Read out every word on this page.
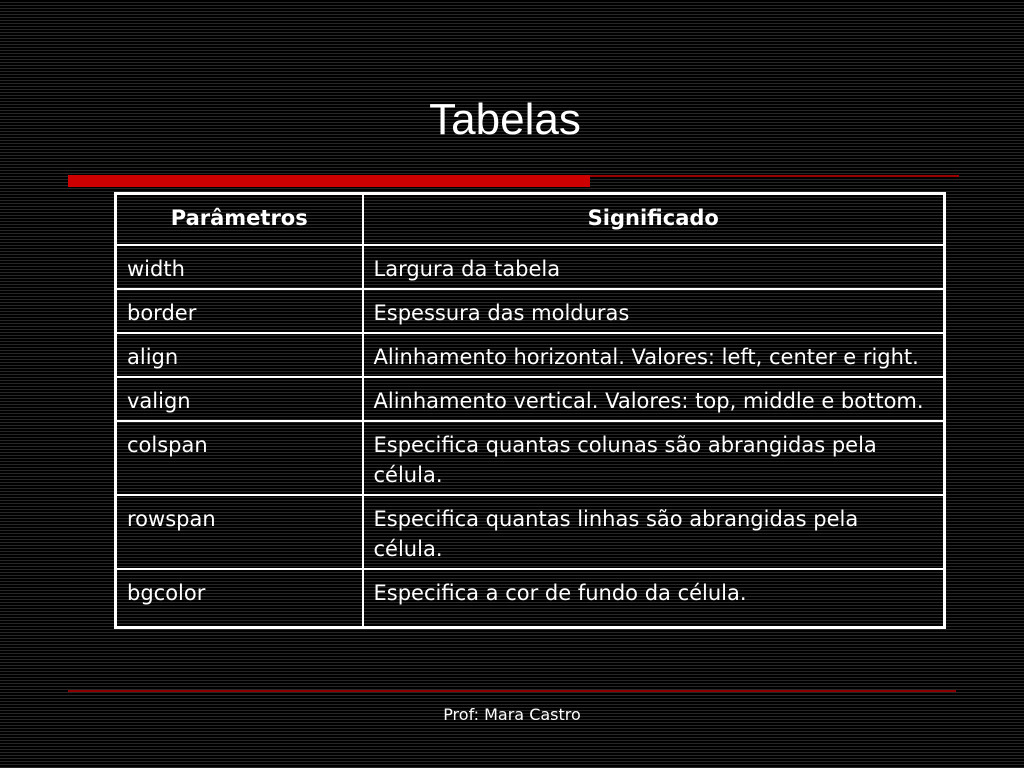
Tabelas
Parâmetros	Significado
width	Largura da tabela
border	Espessura das molduras
align	Alinhamento horizontal. Valores: left, center e right.
valign	Alinhamento vertical. Valores: top, middle e bottom.
colspan	Especifica quantas colunas são abrangidas pela célula.
rowspan	Especifica quantas linhas são abrangidas pela célula.
bgcolor	Especifica a cor de fundo da célula.
Prof: Mara Castro
